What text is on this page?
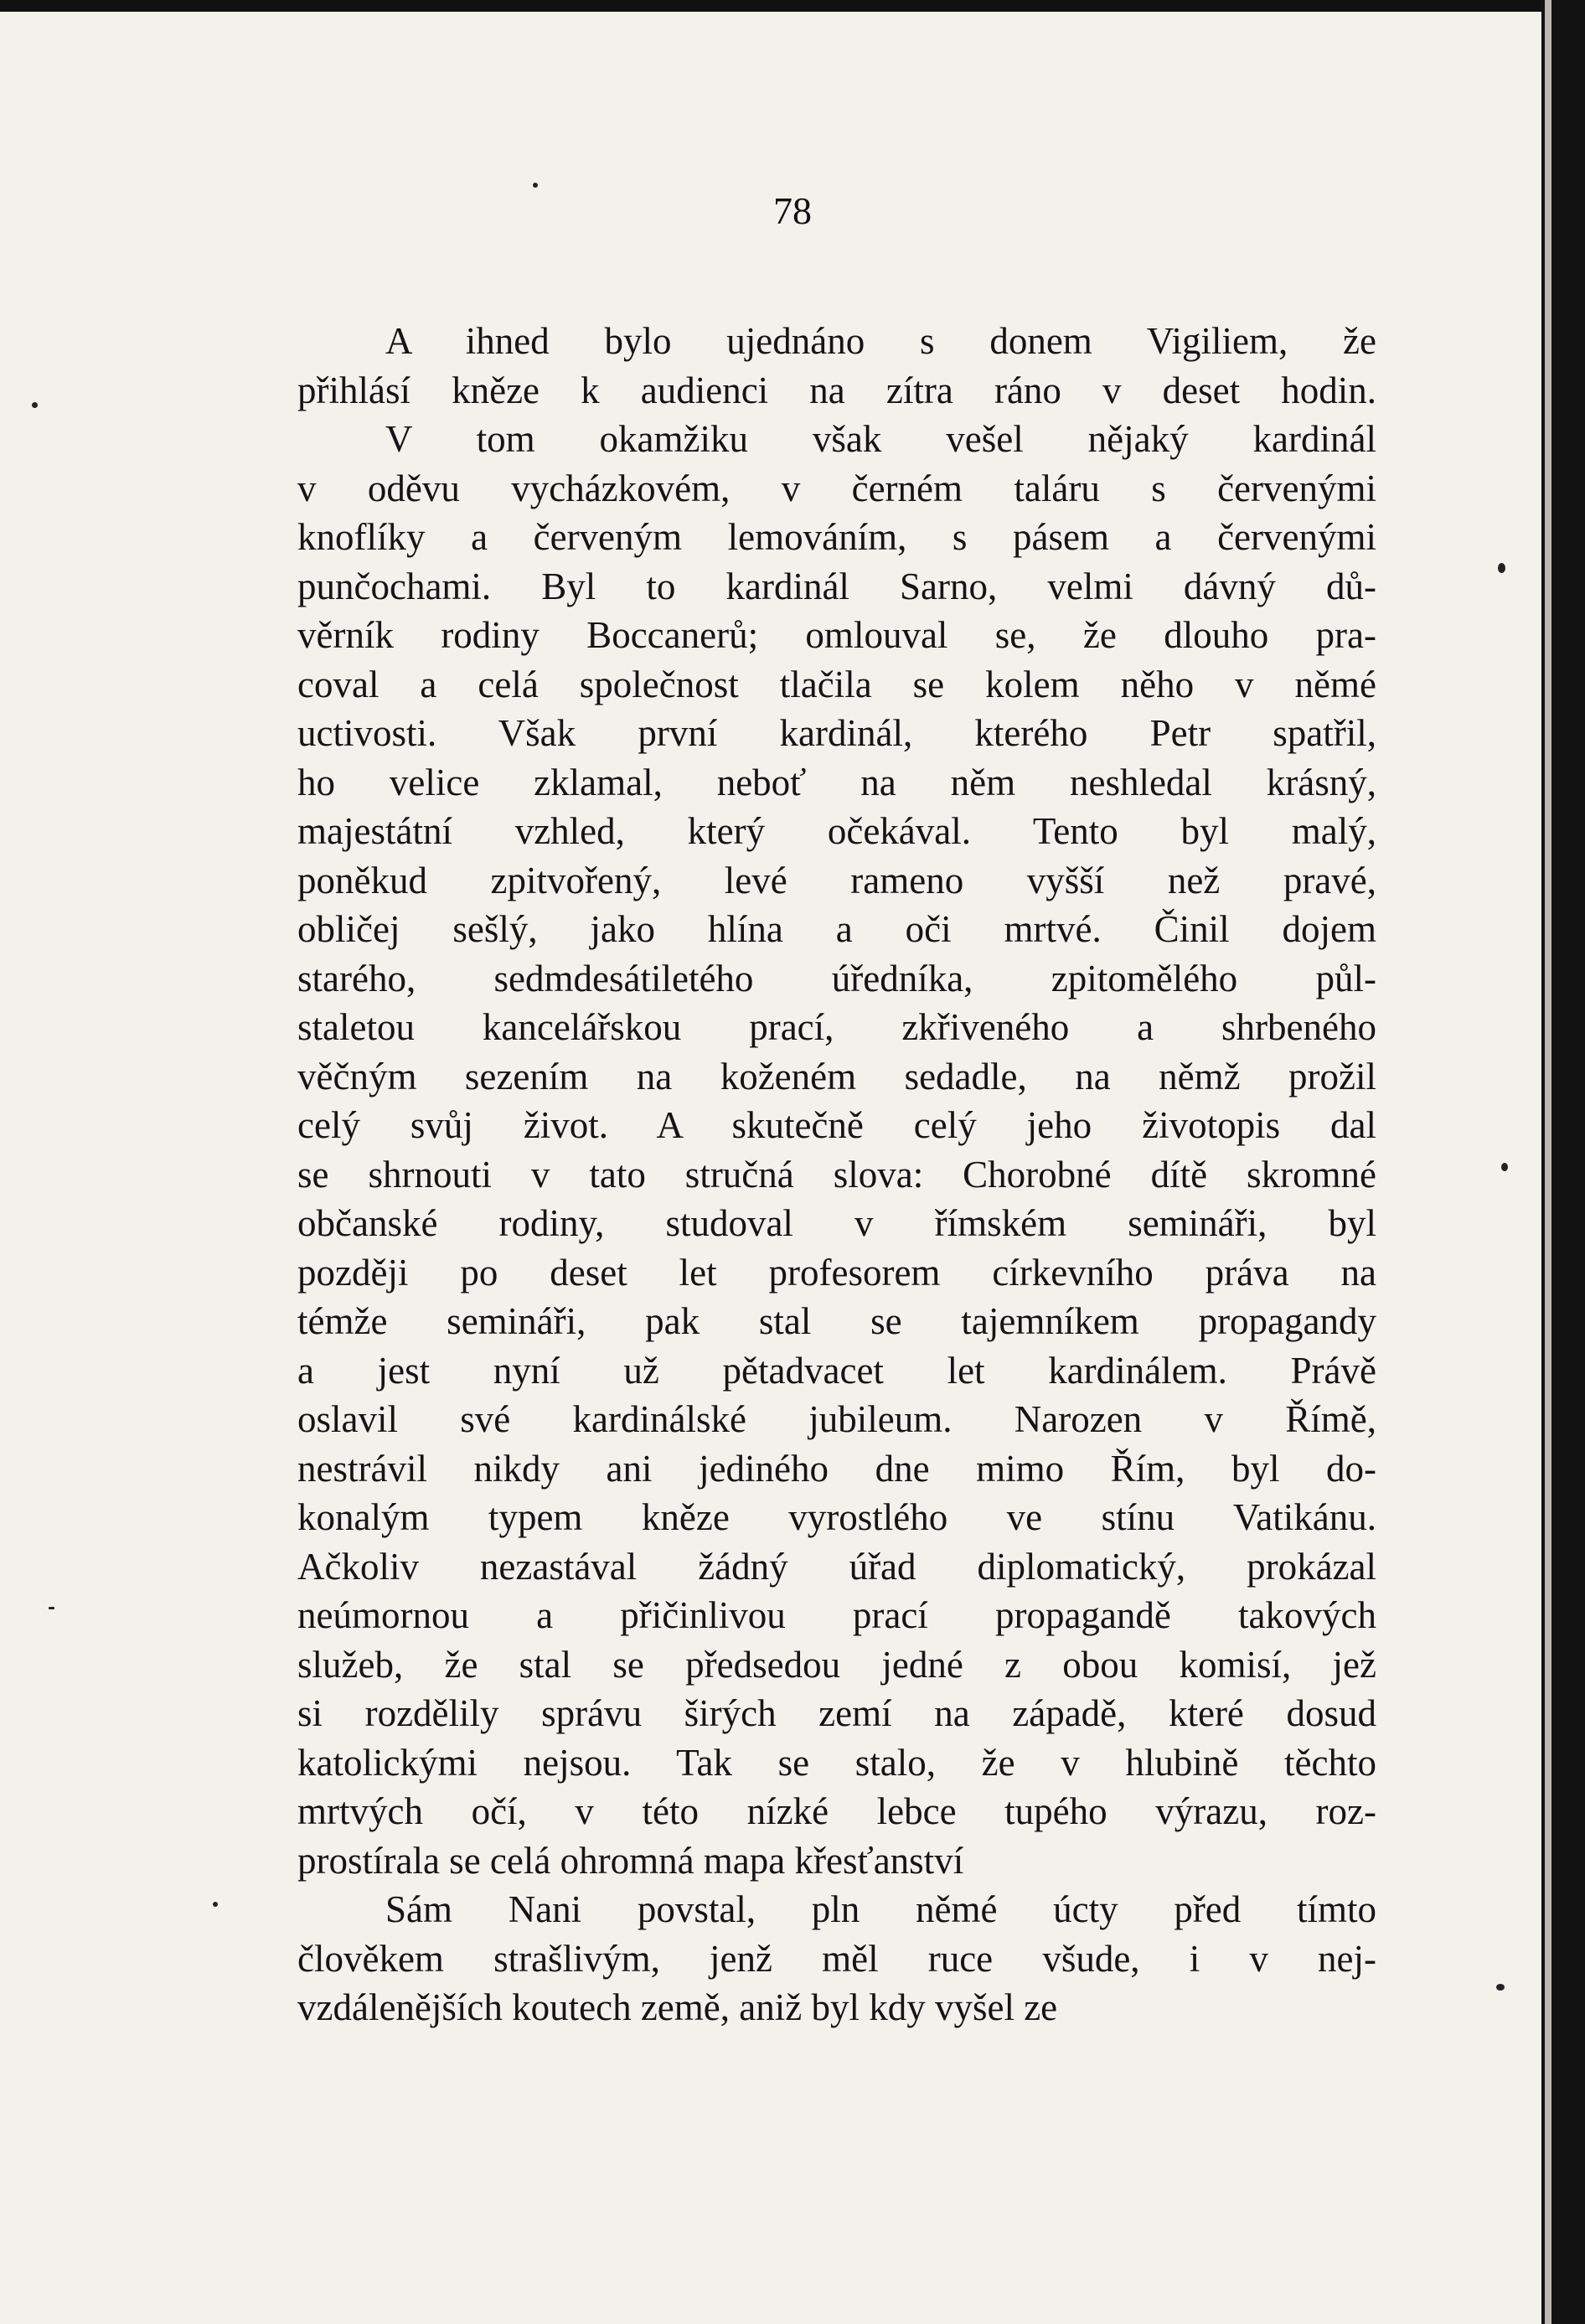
78
A ihned bylo ujednáno s donem Vigiliem, že
přihlásí kněze k audienci na zítra ráno v deset hodin.
V tom okamžiku však vešel nějaký kardinál
v oděvu vycházkovém, v černém taláru s červenými
knoflíky a červeným lemováním, s pásem a červenými
punčochami. Byl to kardinál Sarno, velmi dávný dů-
věrník rodiny Boccanerů; omlouval se, že dlouho pra-
coval a celá společnost tlačila se kolem něho v němé
uctivosti. Však první kardinál, kterého Petr spatřil,
ho velice zklamal, neboť na něm neshledal krásný,
majestátní vzhled, který očekával. Tento byl malý,
poněkud zpitvořený, levé rameno vyšší než pravé,
obličej sešlý, jako hlína a oči mrtvé. Činil dojem
starého, sedmdesátiletého úředníka, zpitomělého půl-
staletou kancelářskou prací, zkřiveného a shrbeného
věčným sezením na koženém sedadle, na němž prožil
celý svůj život. A skutečně celý jeho životopis dal
se shrnouti v tato stručná slova: Chorobné dítě skromné
občanské rodiny, studoval v římském semináři, byl
později po deset let profesorem církevního práva na
témže semináři, pak stal se tajemníkem propagandy
a jest nyní už pětadvacet let kardinálem. Právě
oslavil své kardinálské jubileum. Narozen v Římě,
nestrávil nikdy ani jediného dne mimo Řím, byl do-
konalým typem kněze vyrostlého ve stínu Vatikánu.
Ačkoliv nezastával žádný úřad diplomatický, prokázal
neúmornou a přičinlivou prací propagandě takových
služeb, že stal se předsedou jedné z obou komisí, jež
si rozdělily správu širých zemí na západě, které dosud
katolickými nejsou. Tak se stalo, že v hlubině těchto
mrtvých očí, v této nízké lebce tupého výrazu, roz-
prostírala se celá ohromná mapa křesťanství
Sám Nani povstal, pln němé úcty před tímto
člověkem strašlivým, jenž měl ruce všude, i v nej-
vzdálenějších koutech země, aniž byl kdy vyšel ze
